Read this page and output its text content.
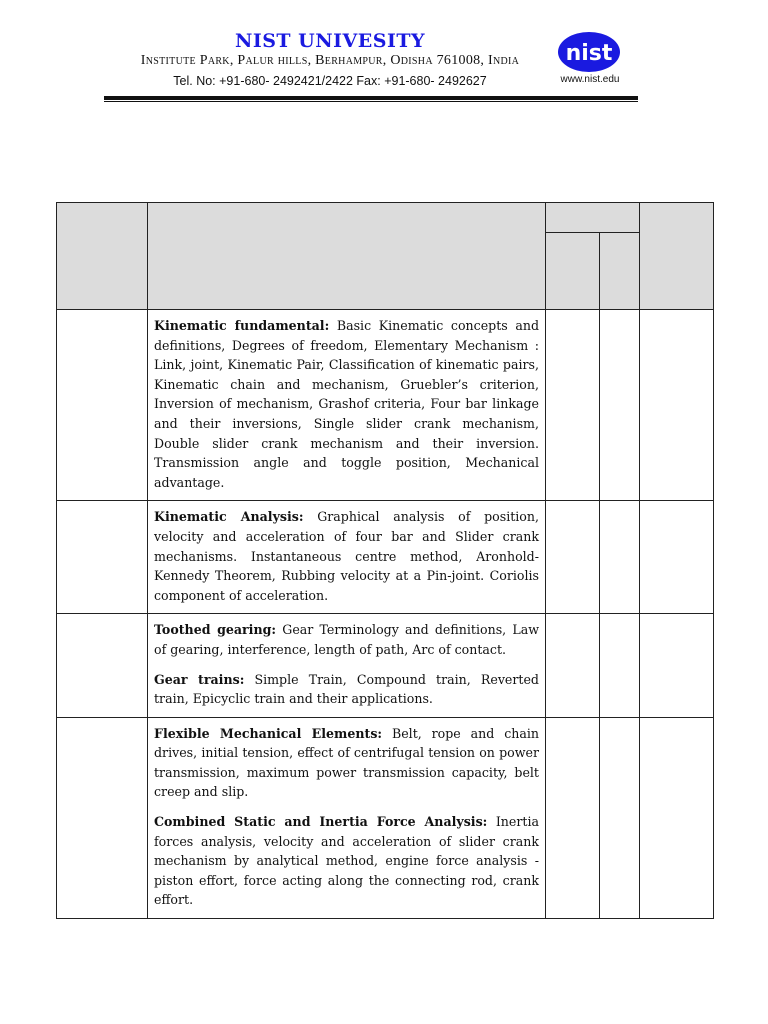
NIST UNIVESITY
Institute Park, Palur hills, Berhampur, Odisha 761008, India
Tel. No: +91-680- 2492421/2422 Fax: +91-680- 2492627
nist
www.nist.edu

	Kinematic fundamental: Basic Kinematic concepts and definitions, Degrees of freedom, Elementary Mechanism : Link, joint, Kinematic Pair, Classification of kinematic pairs, Kinematic chain and mechanism, Gruebler’s criterion, Inversion of mechanism, Grashof criteria, Four bar linkage and their inversions, Single slider crank mechanism, Double slider crank mechanism and their inversion. Transmission angle and toggle position, Mechanical advantage.			

	Kinematic Analysis: Graphical analysis of position, velocity and acceleration of four bar and Slider crank mechanisms. Instantaneous centre method, Aronhold-Kennedy Theorem, Rubbing velocity at a Pin-joint. Coriolis component of acceleration.			

	Toothed gearing: Gear Terminology and definitions, Law of gearing, interference, length of path, Arc of contact.

Gear trains: Simple Train, Compound train, Reverted train, Epicyclic train and their applications.			

	Flexible Mechanical Elements: Belt, rope and chain drives, initial tension, effect of centrifugal tension on power transmission, maximum power transmission capacity, belt creep and slip.

Combined Static and Inertia Force Analysis: Inertia forces analysis, velocity and acceleration of slider crank mechanism by analytical method, engine force analysis - piston effort, force acting along the connecting rod, crank effort.			
